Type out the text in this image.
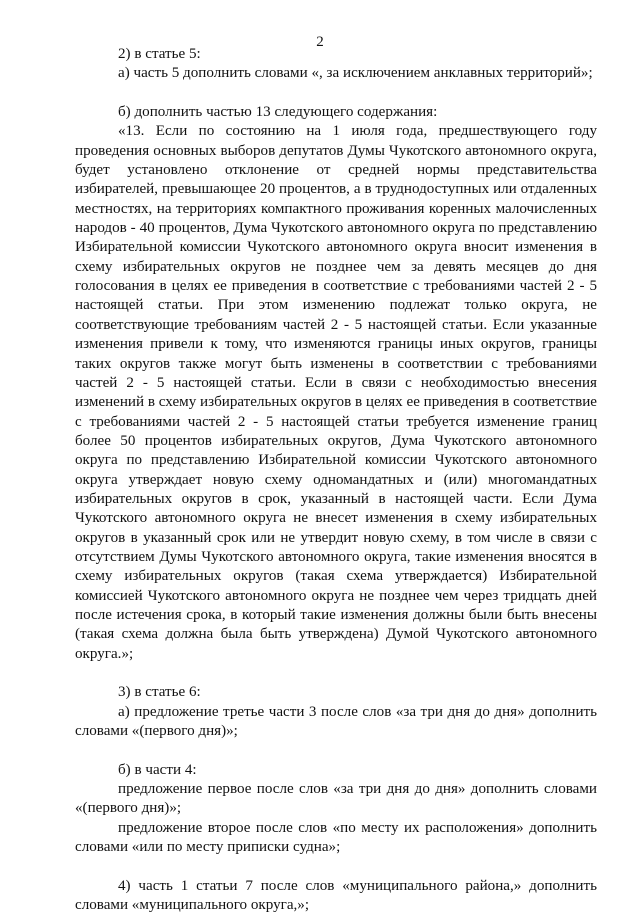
2

2) в статье 5:

а) часть 5 дополнить словами «, за исключением анклавных территорий»;

б) дополнить частью 13 следующего содержания:

«13. Если по состоянию на 1 июля года, предшествующего году проведения основных выборов депутатов Думы Чукотского автономного округа, будет установлено отклонение от средней нормы представительства избирателей, превышающее 20 процентов, а в труднодоступных или отдаленных местностях, на территориях компактного проживания коренных малочисленных народов - 40 процентов, Дума Чукотского автономного округа по представлению Избирательной комиссии Чукотского автономного округа вносит изменения в схему избирательных округов не позднее чем за девять месяцев до дня голосования в целях ее приведения в соответствие с требованиями частей 2 - 5 настоящей статьи. При этом изменению подлежат только округа, не соответствующие требованиям частей 2 - 5 настоящей статьи. Если указанные изменения привели к тому, что изменяются границы иных округов, границы таких округов также могут быть изменены в соответствии с требованиями частей 2 - 5 настоящей статьи. Если в связи с необходимостью внесения изменений в схему избирательных округов в целях ее приведения в соответствие с требованиями частей 2 - 5 настоящей статьи требуется изменение границ более 50 процентов избирательных округов, Дума Чукотского автономного округа по представлению Избирательной комиссии Чукотского автономного округа утверждает новую схему одномандатных и (или) многомандатных избирательных округов в срок, указанный в настоящей части. Если Дума Чукотского автономного округа не внесет изменения в схему избирательных округов в указанный срок или не утвердит новую схему, в том числе в связи с отсутствием Думы Чукотского автономного округа, такие изменения вносятся в схему избирательных округов (такая схема утверждается) Избирательной комиссией Чукотского автономного округа не позднее чем через тридцать дней после истечения срока, в который такие изменения должны были быть внесены (такая схема должна была быть утверждена) Думой Чукотского автономного округа.»;

3) в статье 6:

а) предложение третье части 3 после слов «за три дня до дня» дополнить словами «(первого дня)»;

б) в части 4:

предложение первое после слов «за три дня до дня» дополнить словами «(первого дня)»;

предложение второе после слов «по месту их расположения» дополнить словами «или по месту приписки судна»;

4) часть 1 статьи 7 после слов «муниципального района,» дополнить словами «муниципального округа,»;
